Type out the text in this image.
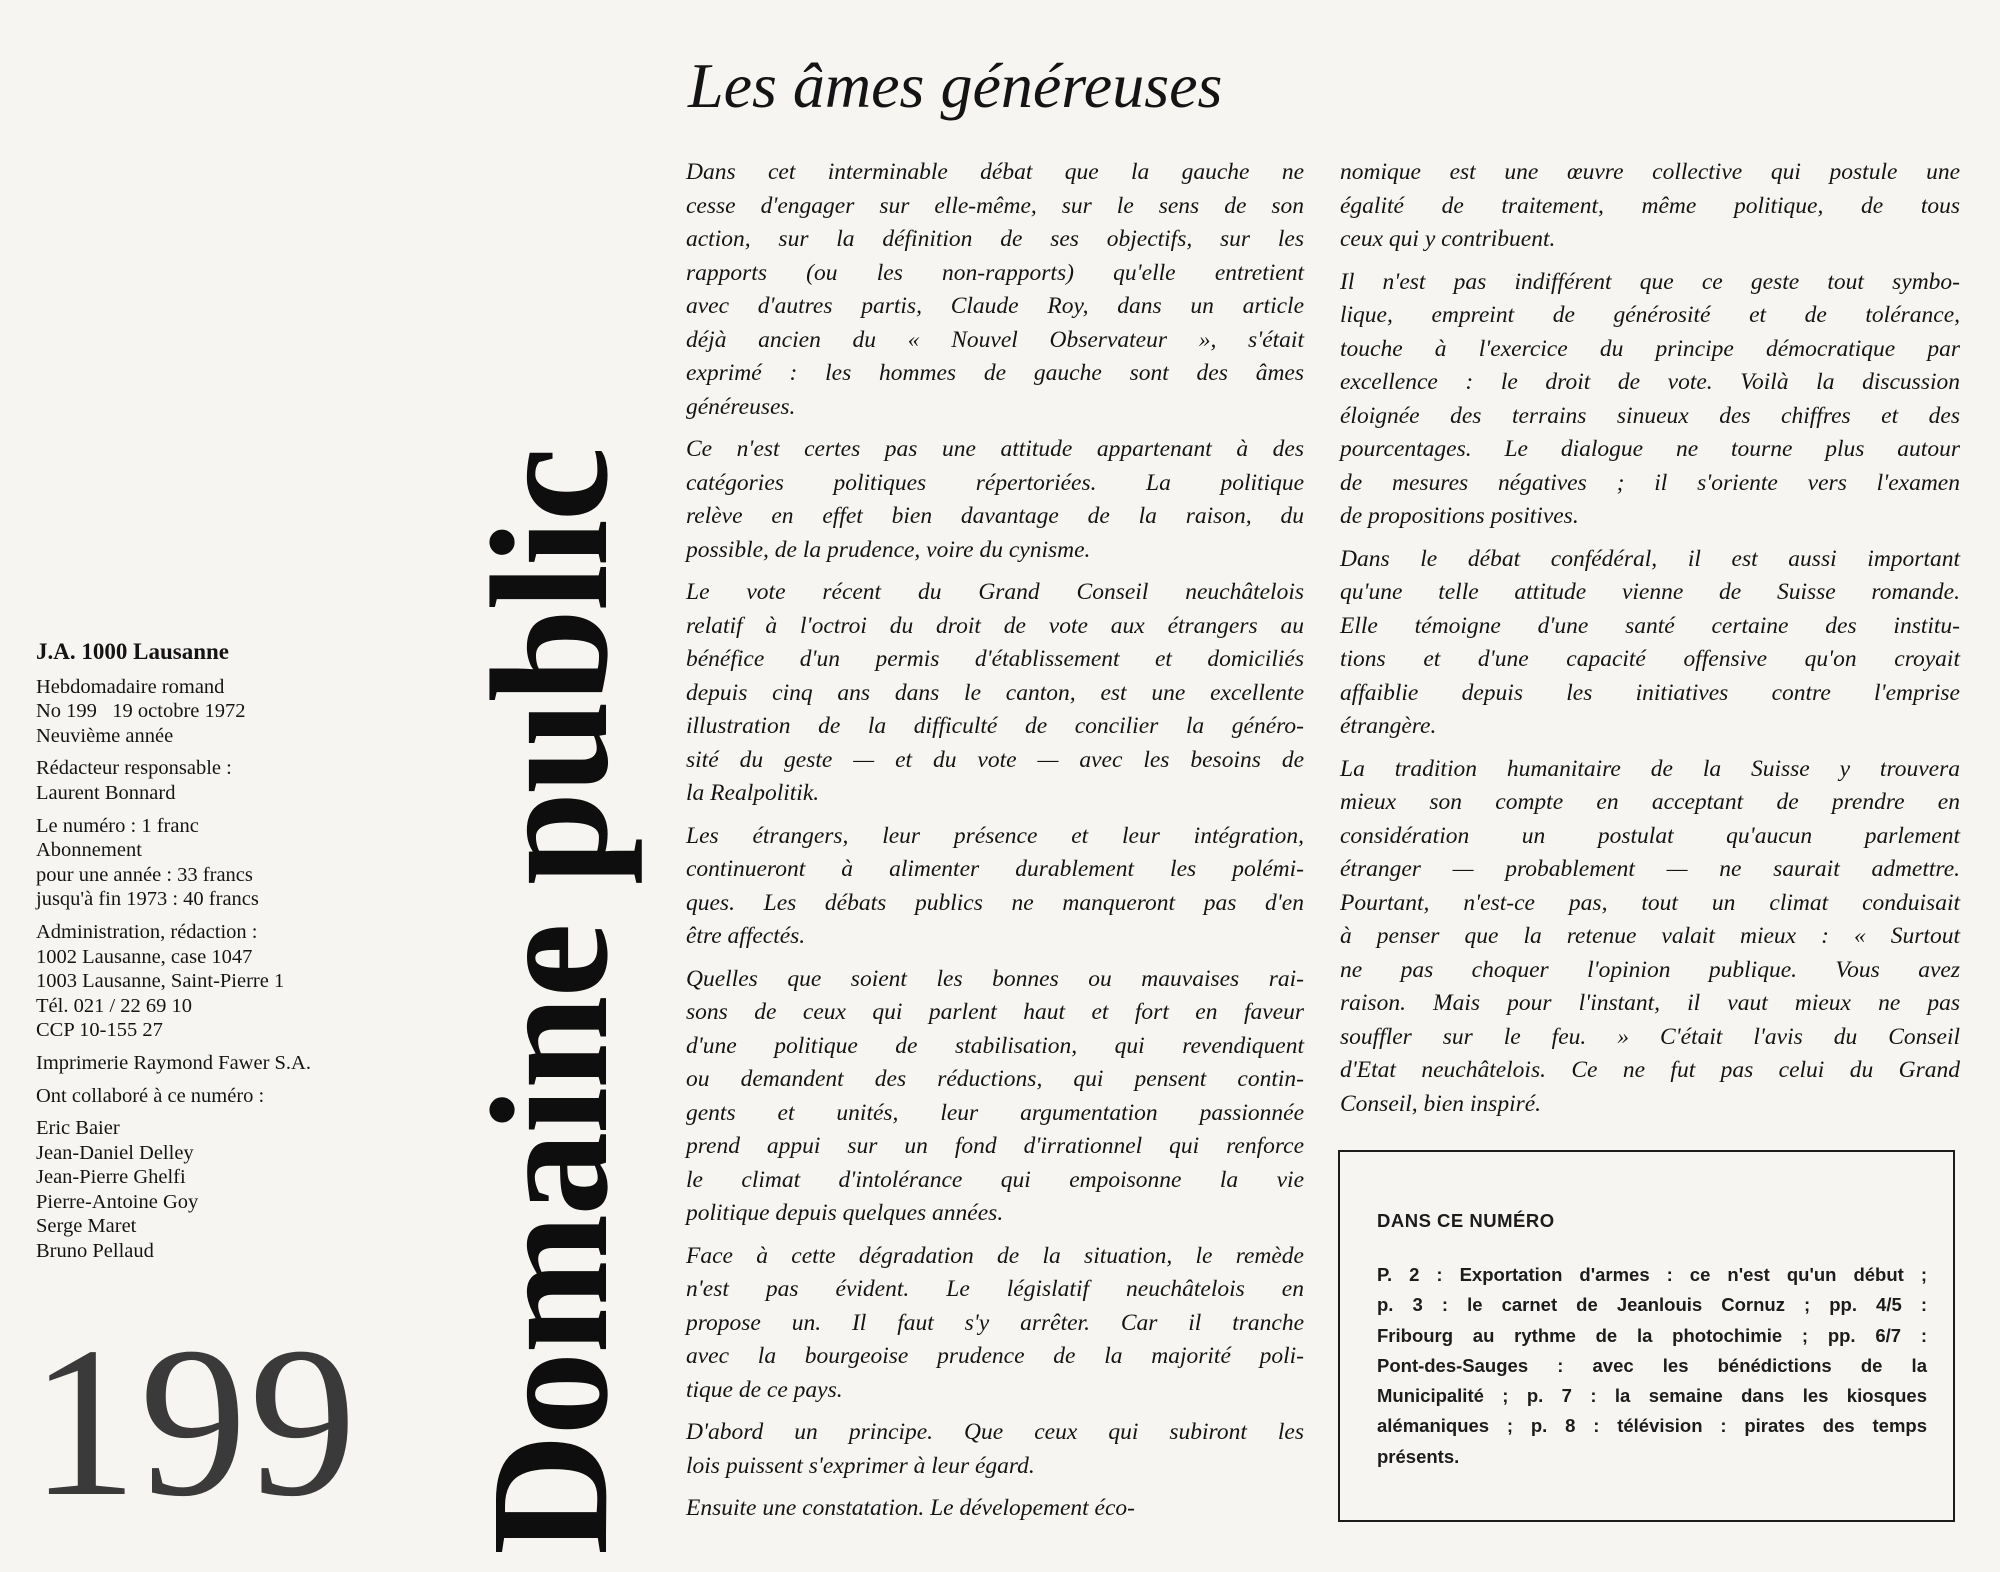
J.A. 1000 Lausanne
Hebdomadaire romand
No 199   19 octobre 1972
Neuvième année
Rédacteur responsable :
Laurent Bonnard
Le numéro : 1 franc
Abonnement
pour une année : 33 francs
jusqu'à fin 1973 : 40 francs
Administration, rédaction :
1002 Lausanne, case 1047
1003 Lausanne, Saint-Pierre 1
Tél. 021 / 22 69 10
CCP 10-155 27
Imprimerie Raymond Fawer S.A.
Ont collaboré à ce numéro :
Eric Baier
Jean-Daniel Delley
Jean-Pierre Ghelfi
Pierre-Antoine Goy
Serge Maret
Bruno Pellaud
199 Domaine public
Les âmes généreuses

Dans cet interminable débat que la gauche ne
cesse d'engager sur elle-même, sur le sens de son
action, sur la définition de ses objectifs, sur les
rapports (ou les non-rapports) qu'elle entretient
avec d'autres partis, Claude Roy, dans un article
déjà ancien du « Nouvel Observateur », s'était
exprimé : les hommes de gauche sont des âmes
généreuses.

Ce n'est certes pas une attitude appartenant à des
catégories politiques répertoriées. La politique
relève en effet bien davantage de la raison, du
possible, de la prudence, voire du cynisme.

Le vote récent du Grand Conseil neuchâtelois
relatif à l'octroi du droit de vote aux étrangers au
bénéfice d'un permis d'établissement et domiciliés
depuis cinq ans dans le canton, est une excellente
illustration de la difficulté de concilier la généro-
sité du geste — et du vote — avec les besoins de
la Realpolitik.

Les étrangers, leur présence et leur intégration,
continueront à alimenter durablement les polémi-
ques. Les débats publics ne manqueront pas d'en
être affectés.

Quelles que soient les bonnes ou mauvaises rai-
sons de ceux qui parlent haut et fort en faveur
d'une politique de stabilisation, qui revendiquent
ou demandent des réductions, qui pensent contin-
gents et unités, leur argumentation passionnée
prend appui sur un fond d'irrationnel qui renforce
le climat d'intolérance qui empoisonne la vie
politique depuis quelques années.

Face à cette dégradation de la situation, le remède
n'est pas évident. Le législatif neuchâtelois en
propose un. Il faut s'y arrêter. Car il tranche
avec la bourgeoise prudence de la majorité poli-
tique de ce pays.

D'abord un principe. Que ceux qui subiront les
lois puissent s'exprimer à leur égard.

Ensuite une constatation. Le dévelopement éco-

nomique est une œuvre collective qui postule une
égalité de traitement, même politique, de tous
ceux qui y contribuent.

Il n'est pas indifférent que ce geste tout symbo-
lique, empreint de générosité et de tolérance,
touche à l'exercice du principe démocratique par
excellence : le droit de vote. Voilà la discussion
éloignée des terrains sinueux des chiffres et des
pourcentages. Le dialogue ne tourne plus autour
de mesures négatives ; il s'oriente vers l'examen
de propositions positives.

Dans le débat confédéral, il est aussi important
qu'une telle attitude vienne de Suisse romande.
Elle témoigne d'une santé certaine des institu-
tions et d'une capacité offensive qu'on croyait
affaiblie depuis les initiatives contre l'emprise
étrangère.

La tradition humanitaire de la Suisse y trouvera
mieux son compte en acceptant de prendre en
considération un postulat qu'aucun parlement
étranger — probablement — ne saurait admettre.
Pourtant, n'est-ce pas, tout un climat conduisait
à penser que la retenue valait mieux : « Surtout
ne pas choquer l'opinion publique. Vous avez
raison. Mais pour l'instant, il vaut mieux ne pas
souffler sur le feu. » C'était l'avis du Conseil
d'Etat neuchâtelois. Ce ne fut pas celui du Grand
Conseil, bien inspiré.

DANS CE NUMÉRO
P. 2 : Exportation d'armes : ce n'est qu'un début ;
p. 3 : le carnet de Jeanlouis Cornuz ; pp. 4/5 :
Fribourg au rythme de la photochimie ; pp. 6/7 :
Pont-des-Sauges : avec les bénédictions de la
Municipalité ; p. 7 : la semaine dans les kiosques
alémaniques ; p. 8 : télévision : pirates des temps
présents.
